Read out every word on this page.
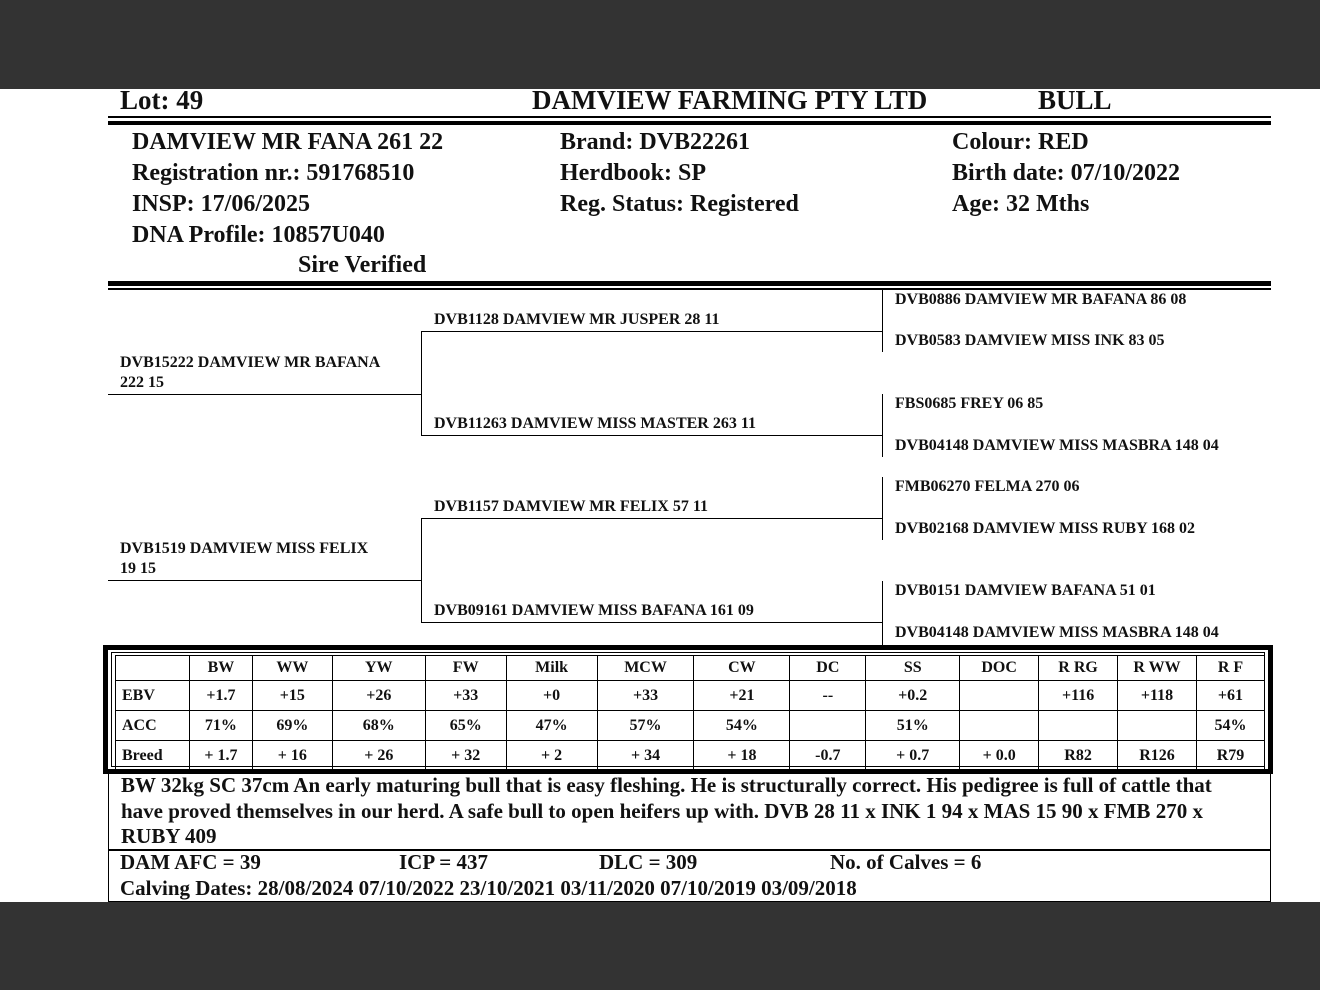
Lot: 49	DAMVIEW FARMING PTY LTD	BULL
DAMVIEW MR FANA 261 22
Registration nr.: 591768510
INSP: 17/06/2025
DNA Profile: 10857U040
Sire Verified
Brand: DVB22261
Herdbook: SP
Reg. Status: Registered
Colour: RED
Birth date: 07/10/2022
Age: 32 Mths
DVB15222 DAMVIEW MR BAFANA
222 15
DVB1519 DAMVIEW MISS FELIX
19 15
DVB1128 DAMVIEW MR JUSPER 28 11
DVB11263 DAMVIEW MISS MASTER 263 11
DVB1157 DAMVIEW MR FELIX 57 11
DVB09161 DAMVIEW MISS BAFANA 161 09
DVB0886 DAMVIEW MR BAFANA 86 08
DVB0583 DAMVIEW MISS INK 83 05
FBS0685 FREY 06 85
DVB04148 DAMVIEW MISS MASBRA 148 04
FMB06270 FELMA 270 06
DVB02168 DAMVIEW MISS RUBY 168 02
DVB0151 DAMVIEW BAFANA 51 01
DVB04148 DAMVIEW MISS MASBRA 148 04
	BW	WW	YW	FW	Milk	MCW	CW	DC	SS	DOC	R RG	R WW	R F
EBV	+1.7	+15	+26	+33	+0	+33	+21	--	+0.2		+116	+118	+61
ACC	71%	69%	68%	65%	47%	57%	54%		51%				54%
Breed	+ 1.7	+ 16	+ 26	+ 32	+ 2	+ 34	+ 18	-0.7	+ 0.7	+ 0.0	R82	R126	R79
BW 32kg SC 37cm An early maturing bull that is easy fleshing. He is structurally correct. His pedigree is full of cattle that have proved themselves in our herd. A safe bull to open heifers up with. DVB 28 11 x INK 1 94 x MAS 15 90 x FMB 270 x RUBY 409
DAM AFC = 39	ICP = 437	DLC = 309	No. of Calves = 6
Calving Dates: 28/08/2024 07/10/2022 23/10/2021 03/11/2020 07/10/2019 03/09/2018
